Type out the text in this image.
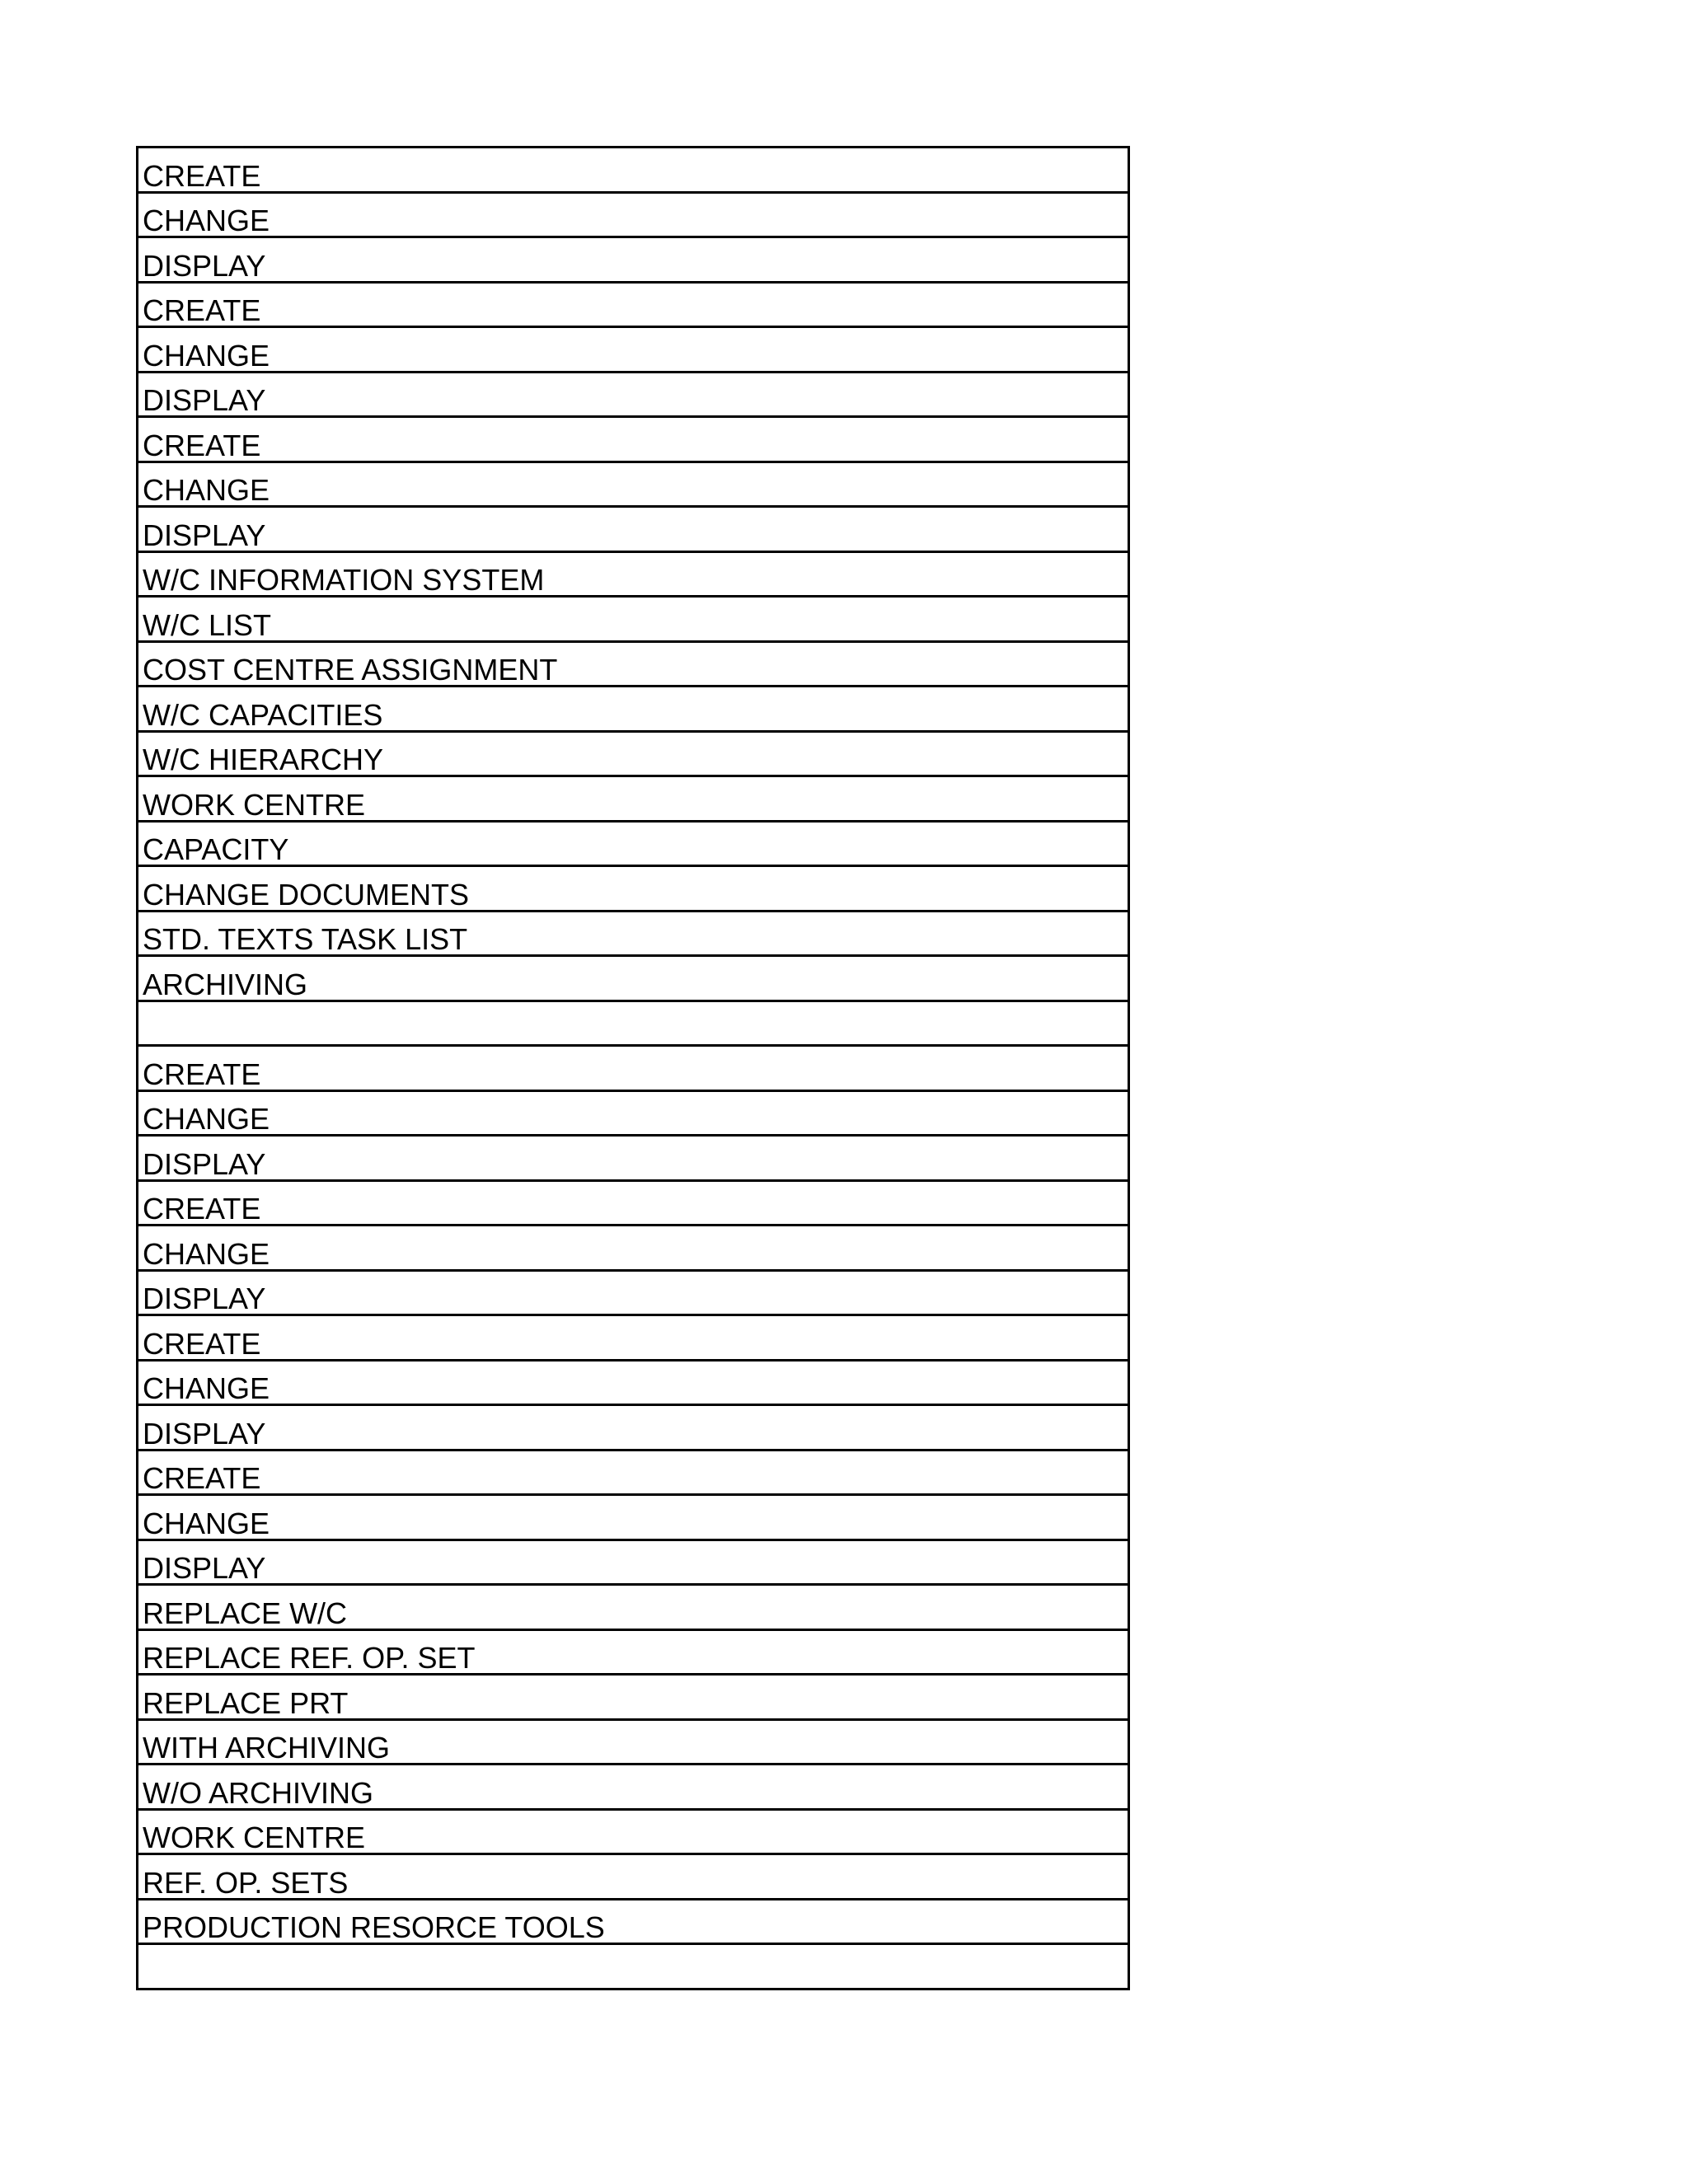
CREATE
CHANGE
DISPLAY
CREATE
CHANGE
DISPLAY
CREATE
CHANGE
DISPLAY
W/C INFORMATION SYSTEM
W/C LIST
COST CENTRE ASSIGNMENT
W/C CAPACITIES
W/C HIERARCHY
WORK CENTRE
CAPACITY
CHANGE DOCUMENTS
STD. TEXTS TASK LIST
ARCHIVING

CREATE
CHANGE
DISPLAY
CREATE
CHANGE
DISPLAY
CREATE
CHANGE
DISPLAY
CREATE
CHANGE
DISPLAY
REPLACE W/C
REPLACE REF. OP. SET
REPLACE PRT
WITH ARCHIVING
W/O ARCHIVING
WORK CENTRE
REF. OP. SETS
PRODUCTION RESORCE TOOLS
